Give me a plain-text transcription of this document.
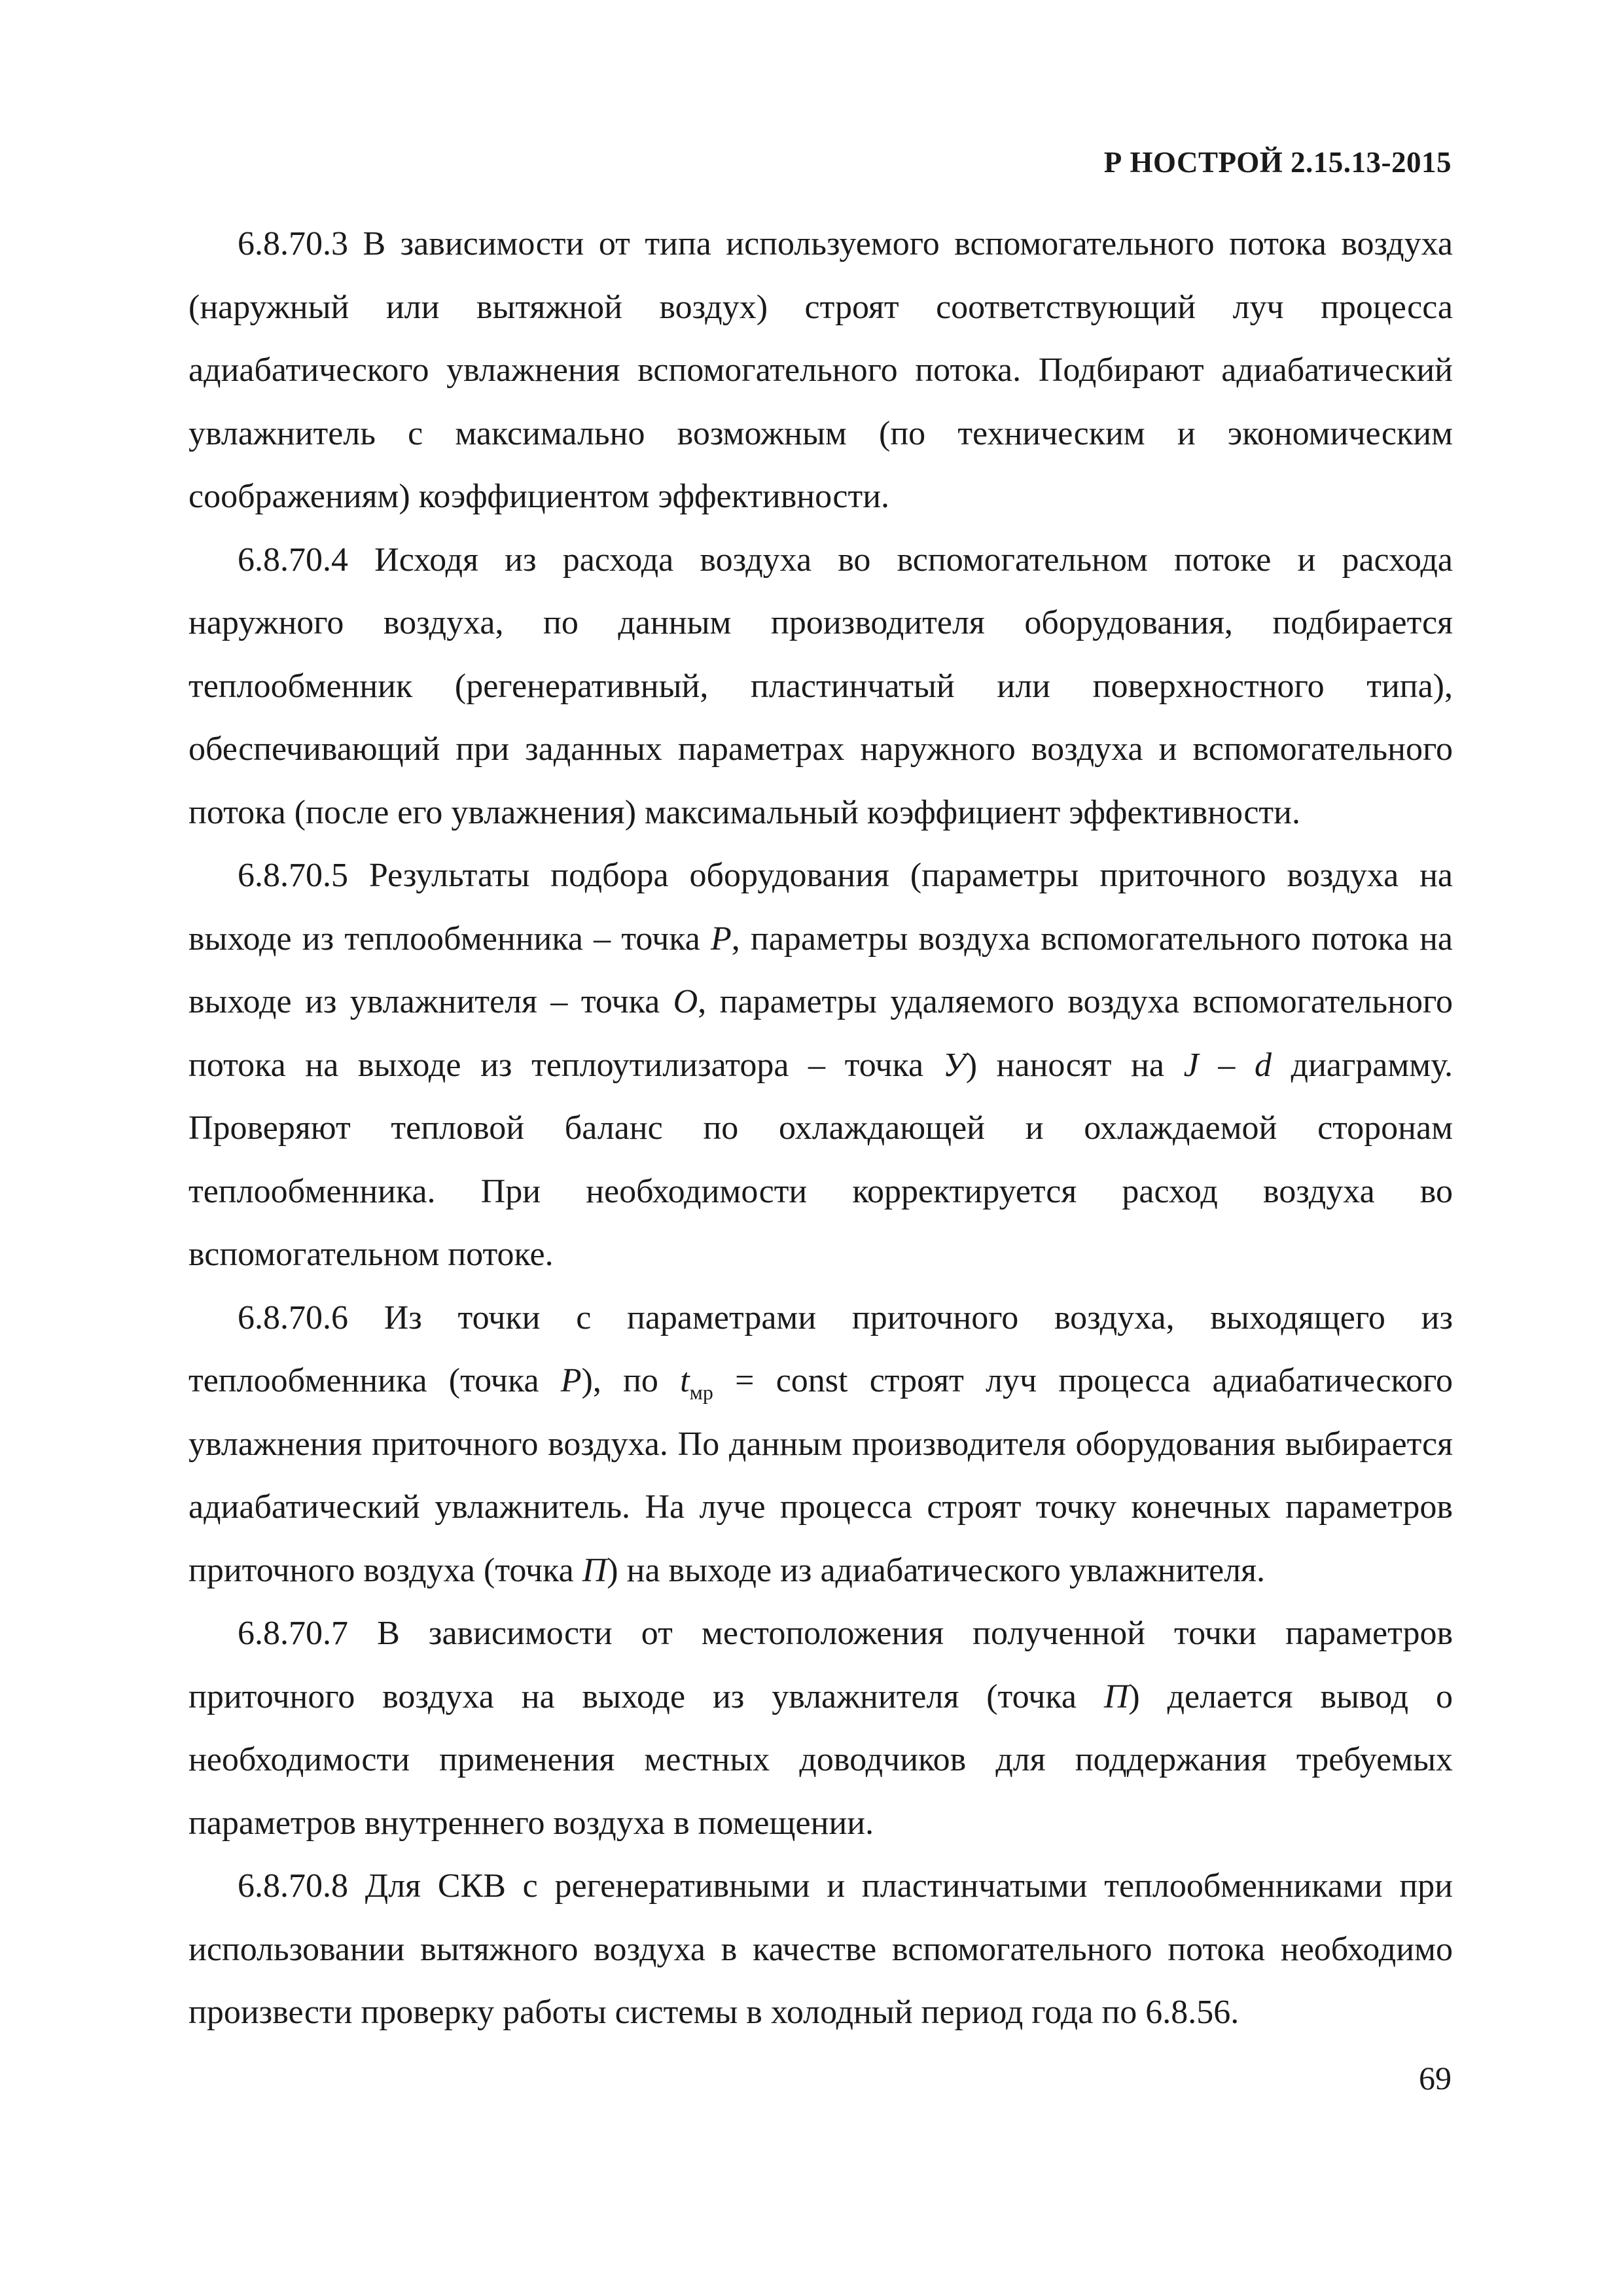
Р НОСТРОЙ 2.15.13-2015

6.8.70.3 В зависимости от типа используемого вспомогательного потока воздуха (наружный или вытяжной воздух) строят соответствующий луч процесса адиабатического увлажнения вспомогательного потока. Подбирают адиабатический увлажнитель с максимально возможным (по техническим и экономическим соображениям) коэффициентом эффективности.

6.8.70.4 Исходя из расхода воздуха во вспомогательном потоке и расхода наружного воздуха, по данным производителя оборудования, подбирается теплообменник (регенеративный, пластинчатый или поверхностного типа), обеспечивающий при заданных параметрах наружного воздуха и вспомогательного потока (после его увлажнения) максимальный коэффициент эффективности.

6.8.70.5 Результаты подбора оборудования (параметры приточного воздуха на выходе из теплообменника – точка Р, параметры воздуха вспомогательного потока на выходе из увлажнителя – точка О, параметры удаляемого воздуха вспомогательного потока на выходе из теплоутилизатора – точка У) наносят на J – d диаграмму. Проверяют тепловой баланс по охлаждающей и охлаждаемой сторонам теплообменника. При необходимости корректируется расход воздуха во вспомогательном потоке.

6.8.70.6 Из точки с параметрами приточного воздуха, выходящего из теплообменника (точка Р), по $t_{мр}$ = const строят луч процесса адиабатического увлажнения приточного воздуха. По данным производителя оборудования выбирается адиабатический увлажнитель. На луче процесса строят точку конечных параметров приточного воздуха (точка П) на выходе из адиабатического увлажнителя.

6.8.70.7 В зависимости от местоположения полученной точки параметров приточного воздуха на выходе из увлажнителя (точка П) делается вывод о необходимости применения местных доводчиков для поддержания требуемых параметров внутреннего воздуха в помещении.

6.8.70.8 Для СКВ с регенеративными и пластинчатыми теплообменниками при использовании вытяжного воздуха в качестве вспомогательного потока необходимо произвести проверку работы системы в холодный период года по 6.8.56.

69
